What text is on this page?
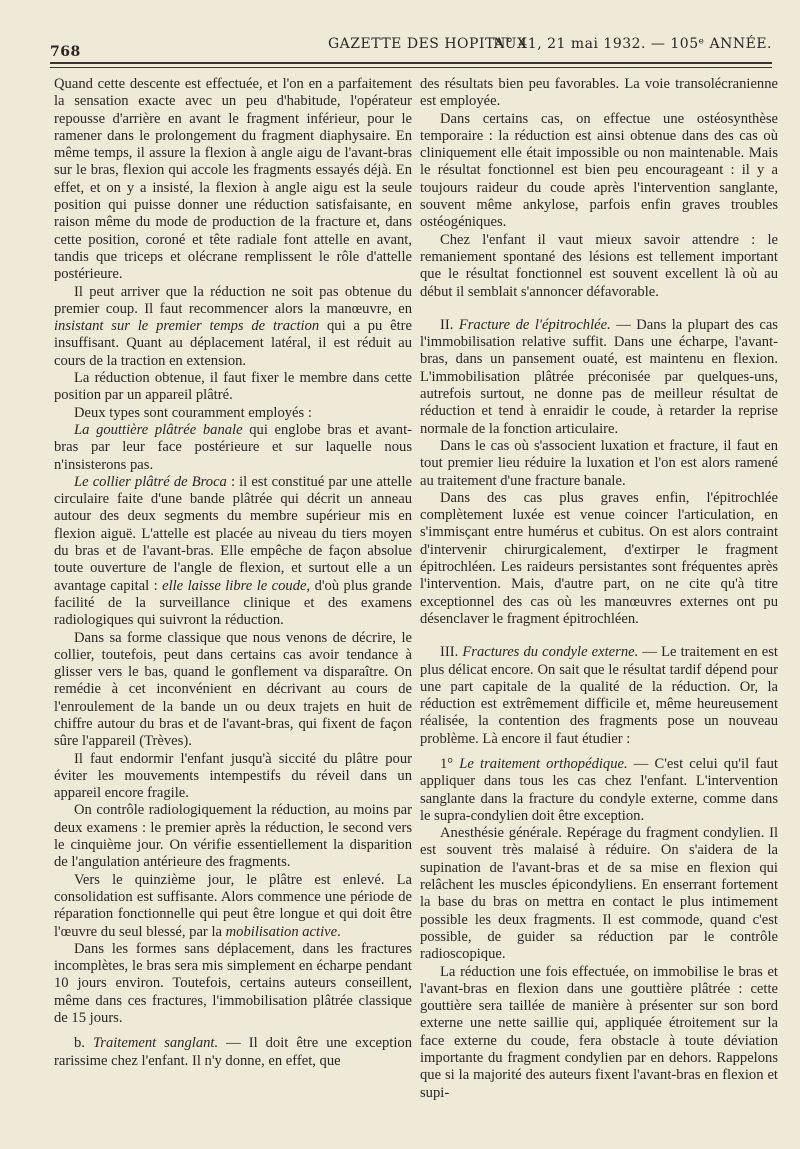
768	GAZETTE DES HOPITAUX
N° 41, 21 mai 1932. — 105ᵉ ANNÉE.

Quand cette descente est effectuée, et l'on en a parfaitement la sensation exacte avec un peu d'habitude, l'opérateur repousse d'arrière en avant le fragment inférieur, pour le ramener dans le prolongement du fragment diaphysaire. En même temps, il assure la flexion à angle aigu de l'avant-bras sur le bras, flexion qui accole les fragments essayés déjà. En effet, et on y a insisté, la flexion à angle aigu est la seule position qui puisse donner une réduction satisfaisante, en raison même du mode de production de la fracture et, dans cette position, coroné et tête radiale font attelle en avant, tandis que triceps et olécrane remplissent le rôle d'attelle postérieure.

Il peut arriver que la réduction ne soit pas obtenue du premier coup. Il faut recommencer alors la manœuvre, en insistant sur le premier temps de traction qui a pu être insuffisant. Quant au déplacement latéral, il est réduit au cours de la traction en extension.

La réduction obtenue, il faut fixer le membre dans cette position par un appareil plâtré.

Deux types sont couramment employés :

La gouttière plâtrée banale qui englobe bras et avant-bras par leur face postérieure et sur laquelle nous n'insisterons pas.

Le collier plâtré de Broca : il est constitué par une attelle circulaire faite d'une bande plâtrée qui décrit un anneau autour des deux segments du membre supérieur mis en flexion aiguë. L'attelle est placée au niveau du tiers moyen du bras et de l'avant-bras. Elle empêche de façon absolue toute ouverture de l'angle de flexion, et surtout elle a un avantage capital : elle laisse libre le coude, d'où plus grande facilité de la surveillance clinique et des examens radiologiques qui suivront la réduction.

Dans sa forme classique que nous venons de décrire, le collier, toutefois, peut dans certains cas avoir tendance à glisser vers le bas, quand le gonflement va disparaître. On remédie à cet inconvénient en décrivant au cours de l'enroulement de la bande un ou deux trajets en huit de chiffre autour du bras et de l'avant-bras, qui fixent de façon sûre l'appareil (Trèves).

Il faut endormir l'enfant jusqu'à siccité du plâtre pour éviter les mouvements intempestifs du réveil dans un appareil encore fragile.

On contrôle radiologiquement la réduction, au moins par deux examens : le premier après la réduction, le second vers le cinquième jour. On vérifie essentiellement la disparition de l'angulation antérieure des fragments.

Vers le quinzième jour, le plâtre est enlevé. La consolidation est suffisante. Alors commence une période de réparation fonctionnelle qui peut être longue et qui doit être l'œuvre du seul blessé, par la mobilisation active.

Dans les formes sans déplacement, dans les fractures incomplètes, le bras sera mis simplement en écharpe pendant 10 jours environ. Toutefois, certains auteurs conseillent, même dans ces fractures, l'immobilisation plâtrée classique de 15 jours.

b. Traitement sanglant. — Il doit être une exception rarissime chez l'enfant. Il n'y donne, en effet, que

des résultats bien peu favorables. La voie transolécranienne est employée.

Dans certains cas, on effectue une ostéosynthèse temporaire : la réduction est ainsi obtenue dans des cas où cliniquement elle était impossible ou non maintenable. Mais le résultat fonctionnel est bien peu encourageant : il y a toujours raideur du coude après l'intervention sanglante, souvent même ankylose, parfois enfin graves troubles ostéogéniques.

Chez l'enfant il vaut mieux savoir attendre : le remaniement spontané des lésions est tellement important que le résultat fonctionnel est souvent excellent là où au début il semblait s'annoncer défavorable.

II. Fracture de l'épitrochlée. — Dans la plupart des cas l'immobilisation relative suffit. Dans une écharpe, l'avant-bras, dans un pansement ouaté, est maintenu en flexion. L'immobilisation plâtrée préconisée par quelques-uns, autrefois surtout, ne donne pas de meilleur résultat de réduction et tend à enraidir le coude, à retarder la reprise normale de la fonction articulaire.

Dans le cas où s'associent luxation et fracture, il faut en tout premier lieu réduire la luxation et l'on est alors ramené au traitement d'une fracture banale.

Dans des cas plus graves enfin, l'épitrochlée complètement luxée est venue coincer l'articulation, en s'immisçant entre humérus et cubitus. On est alors contraint d'intervenir chirurgicalement, d'extirper le fragment épitrochléen. Les raideurs persistantes sont fréquentes après l'intervention. Mais, d'autre part, on ne cite qu'à titre exceptionnel des cas où les manœuvres externes ont pu désenclaver le fragment épitrochléen.

III. Fractures du condyle externe. — Le traitement en est plus délicat encore. On sait que le résultat tardif dépend pour une part capitale de la qualité de la réduction. Or, la réduction est extrêmement difficile et, même heureusement réalisée, la contention des fragments pose un nouveau problème. Là encore il faut étudier :

1° Le traitement orthopédique. — C'est celui qu'il faut appliquer dans tous les cas chez l'enfant. L'intervention sanglante dans la fracture du condyle externe, comme dans le supra-condylien doit être exception.

Anesthésie générale. Repérage du fragment condylien. Il est souvent très malaisé à réduire. On s'aidera de la supination de l'avant-bras et de sa mise en flexion qui relâchent les muscles épicondyliens. En enserrant fortement la base du bras on mettra en contact le plus intimement possible les deux fragments. Il est commode, quand c'est possible, de guider sa réduction par le contrôle radioscopique.

La réduction une fois effectuée, on immobilise le bras et l'avant-bras en flexion dans une gouttière plâtrée : cette gouttière sera taillée de manière à présenter sur son bord externe une nette saillie qui, appliquée étroitement sur la face externe du coude, fera obstacle à toute déviation importante du fragment condylien par en dehors. Rappelons que si la majorité des auteurs fixent l'avant-bras en flexion et supi-
